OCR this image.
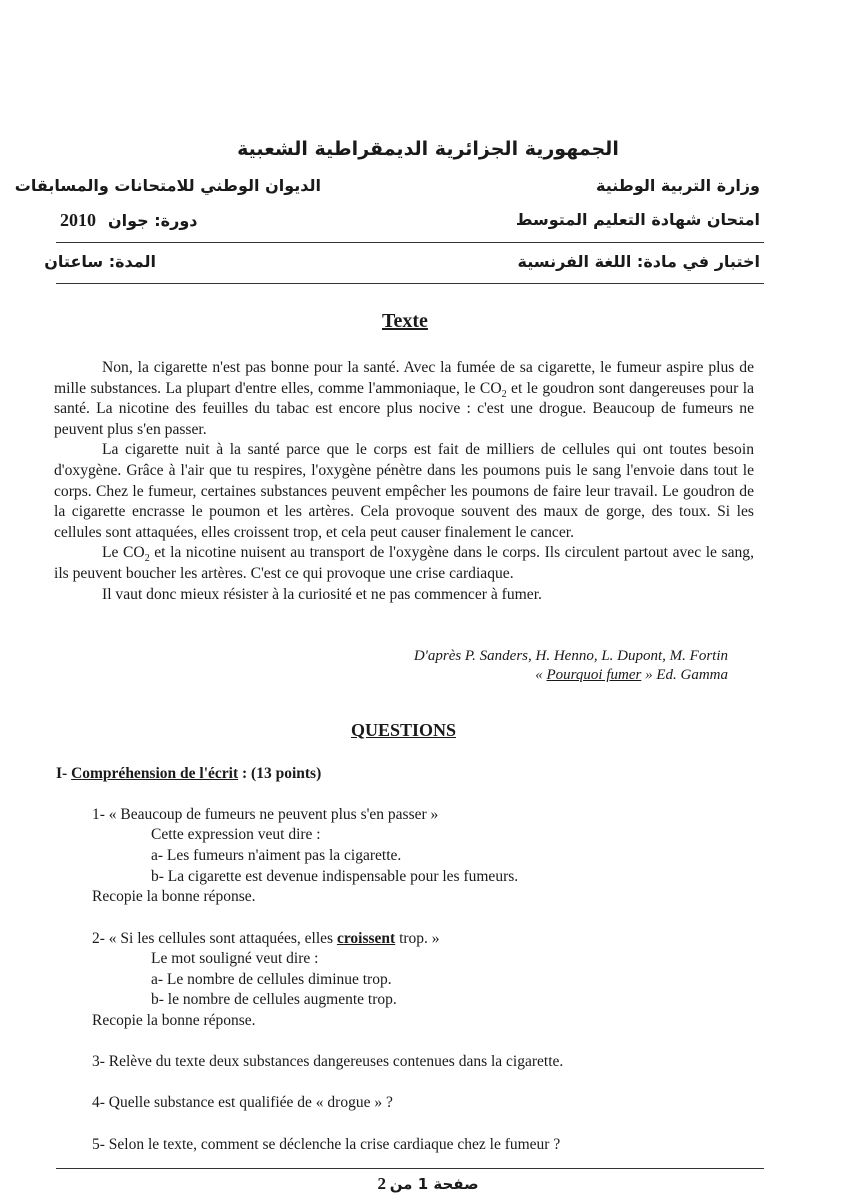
الجمهورية الجزائرية الديمقراطية الشعبية
وزارة التربية الوطنية
الديوان الوطني للامتحانات والمسابقات
امتحان شهادة التعليم المتوسط
2010 دورة: جوان
اختبار في مادة: اللغة الفرنسية
المدة: ساعتان
Texte

Non, la cigarette n'est pas bonne pour la santé. Avec la fumée de sa cigarette, le fumeur aspire plus de mille substances. La plupart d'entre elles, comme l'ammoniaque, le $CO_2$ et le goudron sont dangereuses pour la santé. La nicotine des feuilles du tabac est encore plus nocive : c'est une drogue. Beaucoup de fumeurs ne peuvent plus s'en passer.

La cigarette nuit à la santé parce que le corps est fait de milliers de cellules qui ont toutes besoin d'oxygène. Grâce à l'air que tu respires, l'oxygène pénètre dans les poumons puis le sang l'envoie dans tout le corps. Chez le fumeur, certaines substances peuvent empêcher les poumons de faire leur travail. Le goudron de la cigarette encrasse le poumon et les artères. Cela provoque souvent des maux de gorge, des toux. Si les cellules sont attaquées, elles croissent trop, et cela peut causer finalement le cancer.

Le $CO_2$ et la nicotine nuisent au transport de l'oxygène dans le corps. Ils circulent partout avec le sang, ils peuvent boucher les artères. C'est ce qui provoque une crise cardiaque.

Il vaut donc mieux résister à la curiosité et ne pas commencer à fumer.

D'après P. Sanders, H. Henno, L. Dupont, M. Fortin
« Pourquoi fumer » Ed. Gamma
QUESTIONS
I- Compréhension de l'écrit : (13 points)
1- « Beaucoup de fumeurs ne peuvent plus s'en passer »
Cette expression veut dire :
a- Les fumeurs n'aiment pas la cigarette.
b- La cigarette est devenue indispensable pour les fumeurs.
Recopie la bonne réponse.
2- « Si les cellules sont attaquées, elles croissent trop. »
Le mot souligné veut dire :
a- Le nombre de cellules diminue trop.
b- le nombre de cellules augmente trop.
Recopie la bonne réponse.
3- Relève du texte deux substances dangereuses contenues dans la cigarette.
4- Quelle substance est qualifiée de « drogue » ?
5- Selon le texte, comment se déclenche la crise cardiaque chez le fumeur ?
2 صفحة 1 من
